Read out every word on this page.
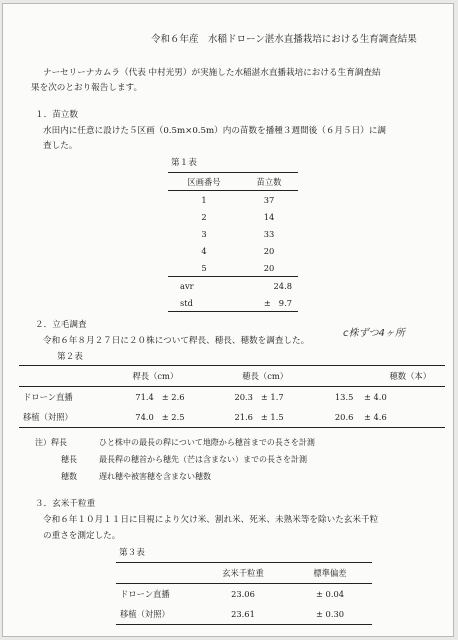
令和６年産　水稲ドローン湛水直播栽培における生育調査結果
ナーセリーナカムラ（代表 中村光男）が実施した水稲湛水直播栽培における生育調査結
果を次のとおり報告します。
１．苗立数
水田内に任意に設けた５区画（0.5m×0.5m）内の苗数を播種３週間後（６月５日）に調
査した。
第１表
区画番号	苗立数
1	37
2	14
3	33
4	20
5	20
avr	24.8
std	± 9.7
２．立毛調査
令和６年８月２７日に２０株について稈長、穂長、穂数を調査した。
c株ずつ4ヶ所
第２表
	稈長（cm）	穂長（cm）	穂数（本）
ドローン直播	71.4 ± 2.6	20.3 ± 1.7	13.5 ± 4.0
移植（対照）	74.0 ± 2.5	21.6 ± 1.5	20.6 ± 4.6
注）稈長	ひと株中の最長の稈について地際から穂首までの長さを計測
穂長	最長稈の穂首から穂先（芒は含まない）までの長さを計測
穂数	遅れ穂や被害穂を含まない穂数
３．玄米千粒重
令和６年１０月１１日に目視により欠け米、割れ米、死米、未熟米等を除いた玄米千粒
の重さを測定した。
第３表
	玄米千粒重	標準偏差
ドローン直播	23.06	± 0.04
移植（対照）	23.61	± 0.30
